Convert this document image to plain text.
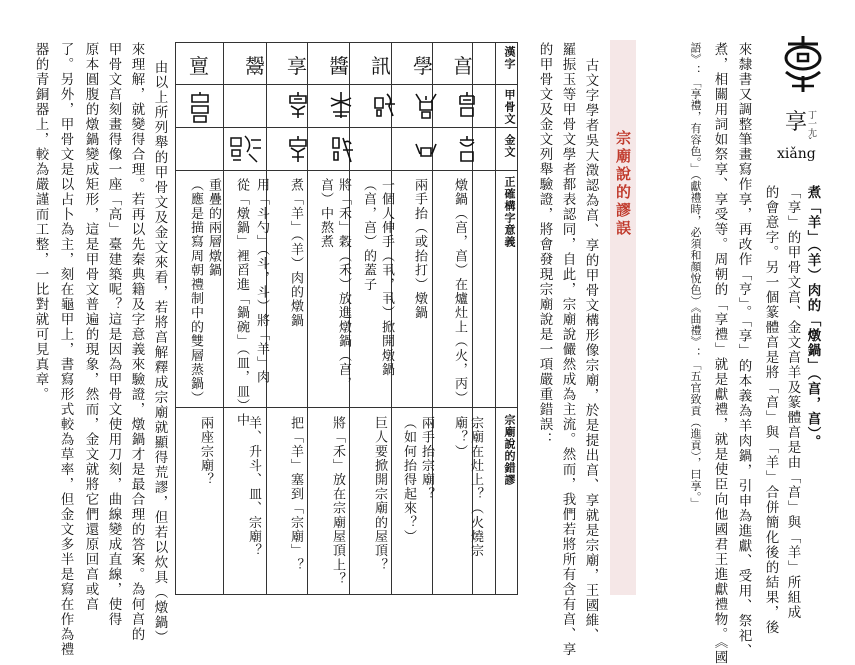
享 丁一尢ˇ
xiǎng
煮「羊」（羊）肉的「燉鍋」（亯，亯）。
「享」的甲骨文亯、金文亯羊及篆體亯是由「亯」與「羊」所組成
的會意字。另一個篆體亯是將「亯」與「羊」合併簡化後的結果，後
來隸書又調整筆畫寫作享，再改作「亨」。「享」的本義為羊肉鍋，引申為進獻、受用、祭祀、
煮，相關用詞如祭享、享受等。周朝的「享禮」就是獻禮，就是使臣向他國君王進獻禮物。《國
語》：「享禮，有容色。」（獻禮時，必須和顏悅色）《曲禮》：「五官致貢（進貢），曰享。」
宗廟說的謬誤
古文字學者吳大澂認為亯、享的甲骨文構形像宗廟，於是提出亯、享就是宗廟，王國維、
羅振玉等甲骨文學者都表認同，自此，宗廟說儼然成為主流。然而，我們若將所有含有亯、享
的甲骨文及金文列舉驗證，將會發現宗廟說是一項嚴重錯誤：
漢字
甲骨文
金文
正確構字意義
宗廟說的錯謬
亯
學
訊
醬
享
鬶
亶
燉鍋（亯，亯）在爐灶上（火，丙）
兩手抬（或抬打）燉鍋
一個人伸手（丮，丮）掀開燉鍋
（亯，亯）的蓋子
將「禾」穀（禾）放進燉鍋（亯，
亯）中熬煮
煮「羊」（羊）肉的燉鍋
用「斗勺」（斗，斗）將「羊」肉
從「燉鍋」裡舀進「鍋碗」（皿，皿）中
重疊的兩層燉鍋
（應是描寫周朝禮制中的雙層蒸鍋）
宗廟在灶上？（火燒宗廟？）
兩手抬宗廟？
（如何抬得起來？）
巨人要掀開宗廟的屋頂？
將「禾」放在宗廟屋頂上？
把「羊」塞到「宗廟」？
羊、升斗、皿、宗廟？
兩座宗廟？
由以上所列舉的甲骨文及金文來看，若將亯解釋成宗廟就顯得荒謬，但若以炊具（燉鍋）
來理解，就變得合理。若再以先秦典籍及字意義來驗證，燉鍋才是最合理的答案。為何亯的
甲骨文亯刻畫得像一座「高」臺建築呢？這是因為甲骨文使用刀刻，曲線變成直線，使得
原本圓腹的燉鍋變成矩形，這是甲骨文普遍的現象，然而，金文就將它們還原回亯或亯
了。另外，甲骨文是以占卜為主，刻在龜甲上，書寫形式較為草率，但金文多半是寫在作為禮
器的青銅器上，較為嚴謹而工整，一比對就可見真章。
